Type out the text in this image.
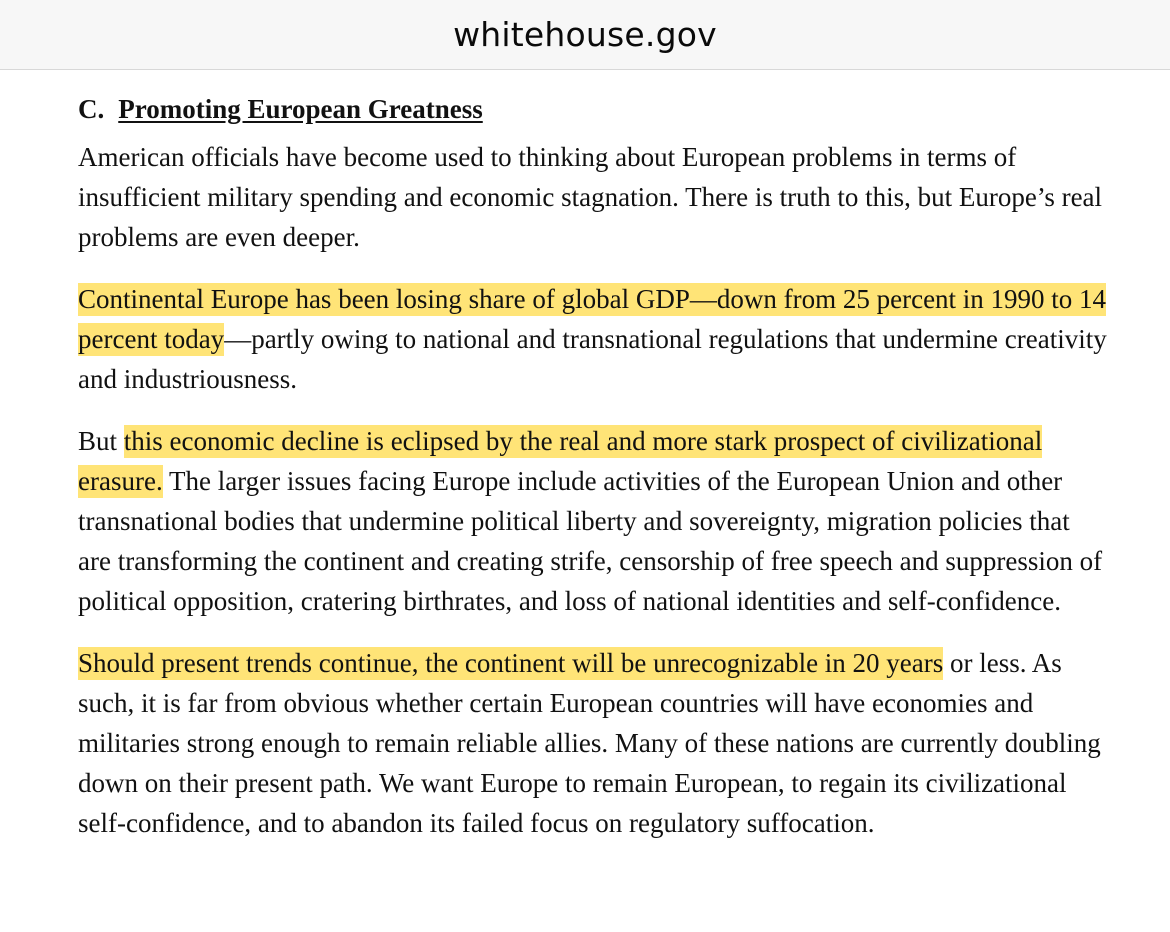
whitehouse.gov
C. Promoting European Greatness

American officials have become used to thinking about European problems in terms of insufficient military spending and economic stagnation. There is truth to this, but Europe’s real problems are even deeper.

Continental Europe has been losing share of global GDP—down from 25 percent in 1990 to 14 percent today—partly owing to national and transnational regulations that undermine creativity and industriousness.

But this economic decline is eclipsed by the real and more stark prospect of civilizational erasure. The larger issues facing Europe include activities of the European Union and other transnational bodies that undermine political liberty and sovereignty, migration policies that are transforming the continent and creating strife, censorship of free speech and suppression of political opposition, cratering birthrates, and loss of national identities and self-confidence.

Should present trends continue, the continent will be unrecognizable in 20 years or less. As such, it is far from obvious whether certain European countries will have economies and militaries strong enough to remain reliable allies. Many of these nations are currently doubling down on their present path. We want Europe to remain European, to regain its civilizational self-confidence, and to abandon its failed focus on regulatory suffocation.
